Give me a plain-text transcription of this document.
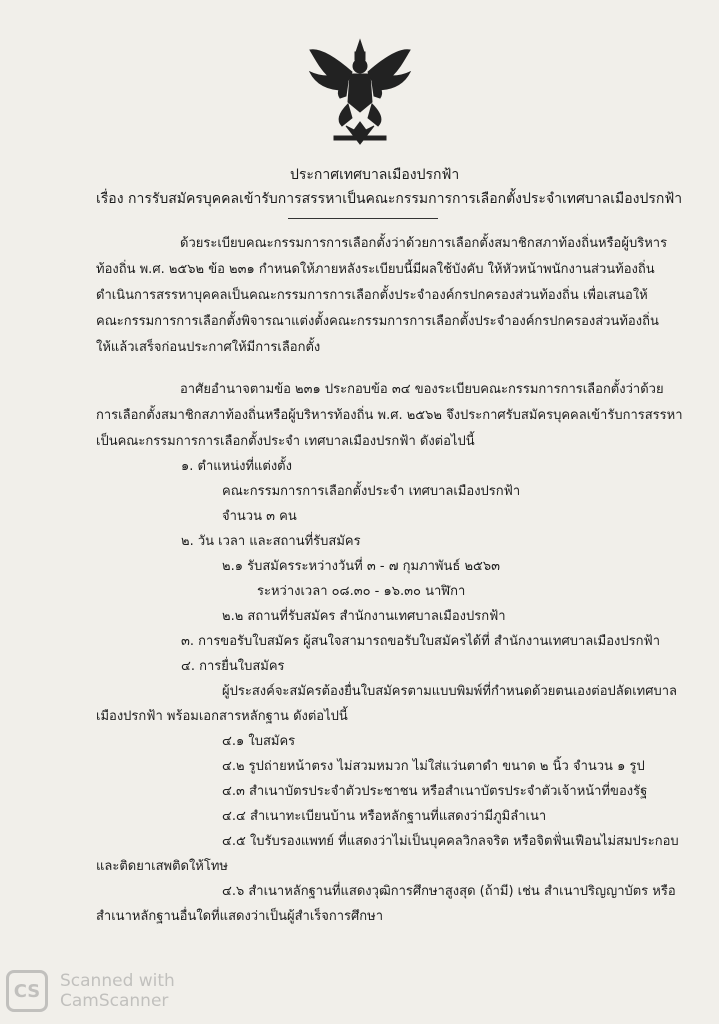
ประกาศเทศบาลเมืองปรกฟ้า
เรื่อง การรับสมัครบุคคลเข้ารับการสรรหาเป็นคณะกรรมการการเลือกตั้งประจำเทศบาลเมืองปรกฟ้า
ด้วยระเบียบคณะกรรมการการเลือกตั้งว่าด้วยการเลือกตั้งสมาชิกสภาท้องถิ่นหรือผู้บริหาร
ท้องถิ่น พ.ศ. ๒๕๖๒ ข้อ ๒๓๑ กำหนดให้ภายหลังระเบียบนี้มีผลใช้บังคับ ให้หัวหน้าพนักงานส่วนท้องถิ่น
ดำเนินการสรรหาบุคคลเป็นคณะกรรมการการเลือกตั้งประจำองค์กรปกครองส่วนท้องถิ่น เพื่อเสนอให้
คณะกรรมการการเลือกตั้งพิจารณาแต่งตั้งคณะกรรมการการเลือกตั้งประจำองค์กรปกครองส่วนท้องถิ่น
ให้แล้วเสร็จก่อนประกาศให้มีการเลือกตั้ง
อาศัยอำนาจตามข้อ ๒๓๑ ประกอบข้อ ๓๔ ของระเบียบคณะกรรมการการเลือกตั้งว่าด้วย
การเลือกตั้งสมาชิกสภาท้องถิ่นหรือผู้บริหารท้องถิ่น พ.ศ. ๒๕๖๒ จึงประกาศรับสมัครบุคคลเข้ารับการสรรหา
เป็นคณะกรรมการการเลือกตั้งประจำ เทศบาลเมืองปรกฟ้า ดังต่อไปนี้
๑. ตำแหน่งที่แต่งตั้ง
คณะกรรมการการเลือกตั้งประจำ เทศบาลเมืองปรกฟ้า
จำนวน ๓ คน
๒. วัน เวลา และสถานที่รับสมัคร
๒.๑ รับสมัครระหว่างวันที่ ๓ - ๗ กุมภาพันธ์ ๒๕๖๓
ระหว่างเวลา ๐๘.๓๐ - ๑๖.๓๐ นาฬิกา
๒.๒ สถานที่รับสมัคร สำนักงานเทศบาลเมืองปรกฟ้า
๓. การขอรับใบสมัคร ผู้สนใจสามารถขอรับใบสมัครได้ที่ สำนักงานเทศบาลเมืองปรกฟ้า
๔. การยื่นใบสมัคร
ผู้ประสงค์จะสมัครต้องยื่นใบสมัครตามแบบพิมพ์ที่กำหนดด้วยตนเองต่อปลัดเทศบาล
เมืองปรกฟ้า พร้อมเอกสารหลักฐาน ดังต่อไปนี้
๔.๑ ใบสมัคร
๔.๒ รูปถ่ายหน้าตรง ไม่สวมหมวก ไม่ใส่แว่นตาดำ ขนาด ๒ นิ้ว จำนวน ๑ รูป
๔.๓ สำเนาบัตรประจำตัวประชาชน หรือสำเนาบัตรประจำตัวเจ้าหน้าที่ของรัฐ
๔.๔ สำเนาทะเบียนบ้าน หรือหลักฐานที่แสดงว่ามีภูมิลำเนา
๔.๕ ใบรับรองแพทย์ ที่แสดงว่าไม่เป็นบุคคลวิกลจริต หรือจิตฟั่นเฟือนไม่สมประกอบ
และติดยาเสพติดให้โทษ
๔.๖ สำเนาหลักฐานที่แสดงวุฒิการศึกษาสูงสุด (ถ้ามี) เช่น สำเนาปริญญาบัตร หรือ
สำเนาหลักฐานอื่นใดที่แสดงว่าเป็นผู้สำเร็จการศึกษา
CS	Scanned with
CamScanner
